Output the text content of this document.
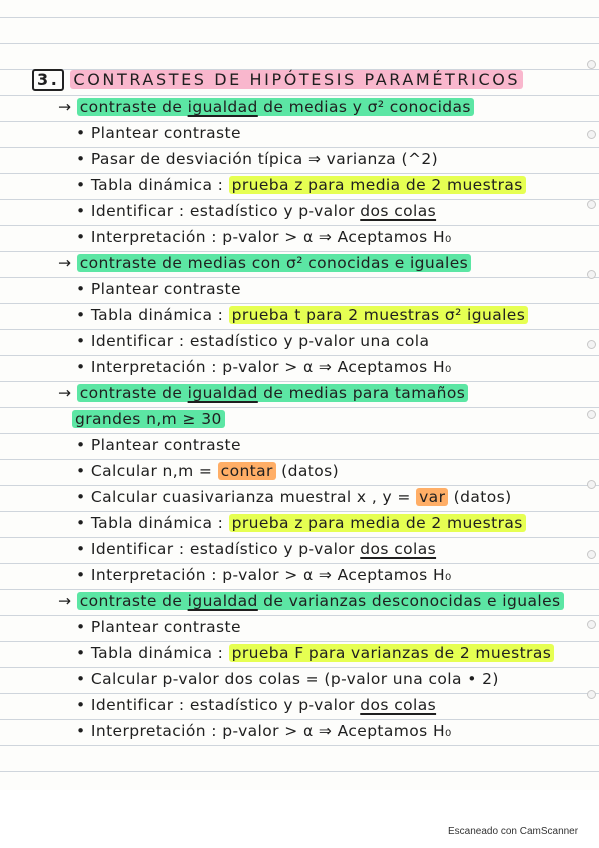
3. CONTRASTES DE HIPÓTESIS PARAMÉTRICOS
→ contraste de igualdad de medias y σ² conocidas
• Plantear contraste
• Pasar de desviación típica ⇒ varianza (^2)
• Tabla dinámica : prueba z para media de 2 muestras
• Identificar : estadístico y p-valor dos colas
• Interpretación : p-valor > α ⇒ Aceptamos H₀
→ contraste de medias con σ² conocidas e iguales
• Plantear contraste
• Tabla dinámica : prueba t para 2 muestras σ² iguales
• Identificar : estadístico y p-valor una cola
• Interpretación : p-valor > α ⇒ Aceptamos H₀
→ contraste de igualdad de medias para tamaños
grandes n,m ≥ 30
• Plantear contraste
• Calcular n,m = contar (datos)
• Calcular cuasivarianza muestral x , y = var (datos)
• Tabla dinámica : prueba z para media de 2 muestras
• Identificar : estadístico y p-valor dos colas
• Interpretación : p-valor > α ⇒ Aceptamos H₀
→ contraste de igualdad de varianzas desconocidas e iguales
• Plantear contraste
• Tabla dinámica : prueba F para varianzas de 2 muestras
• Calcular p-valor dos colas = (p-valor una cola • 2)
• Identificar : estadístico y p-valor dos colas
• Interpretación : p-valor > α ⇒ Aceptamos H₀
Escaneado con CamScanner
